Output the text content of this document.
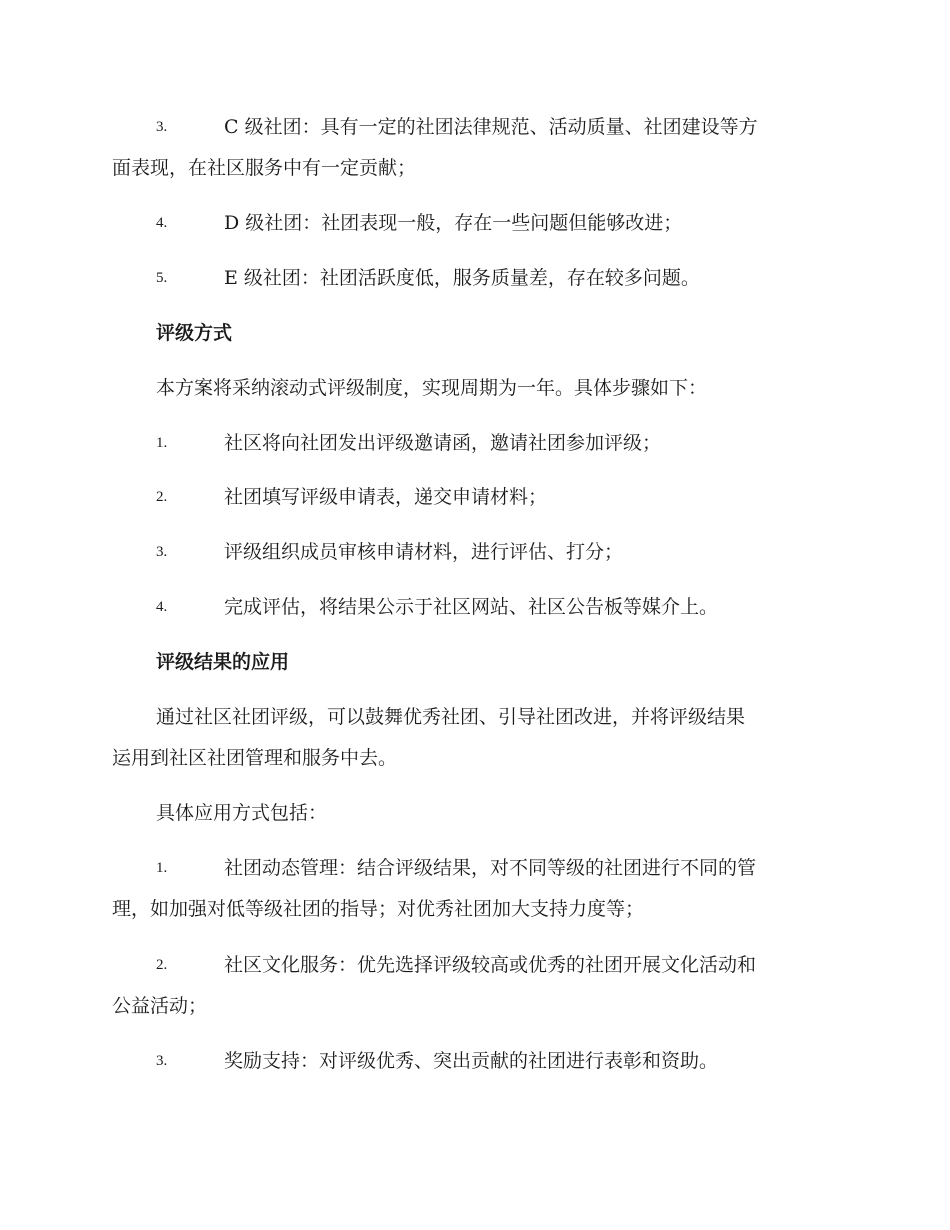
3.	C 级社团：具有一定的社团法律规范、活动质量、社团建设等方
面表现，在社区服务中有一定贡献；
4.	D 级社团：社团表现一般，存在一些问题但能够改进；
5.	E 级社团：社团活跃度低，服务质量差，存在较多问题。
评级方式
本方案将采纳滚动式评级制度，实现周期为一年。具体步骤如下：
1.	社区将向社团发出评级邀请函，邀请社团参加评级；
2.	社团填写评级申请表，递交申请材料；
3.	评级组织成员审核申请材料，进行评估、打分；
4.	完成评估，将结果公示于社区网站、社区公告板等媒介上。
评级结果的应用
通过社区社团评级，可以鼓舞优秀社团、引导社团改进，并将评级结果
运用到社区社团管理和服务中去。
具体应用方式包括：
1.	社团动态管理：结合评级结果，对不同等级的社团进行不同的管
理，如加强对低等级社团的指导；对优秀社团加大支持力度等；
2.	社区文化服务：优先选择评级较高或优秀的社团开展文化活动和
公益活动；
3.	奖励支持：对评级优秀、突出贡献的社团进行表彰和资助。
